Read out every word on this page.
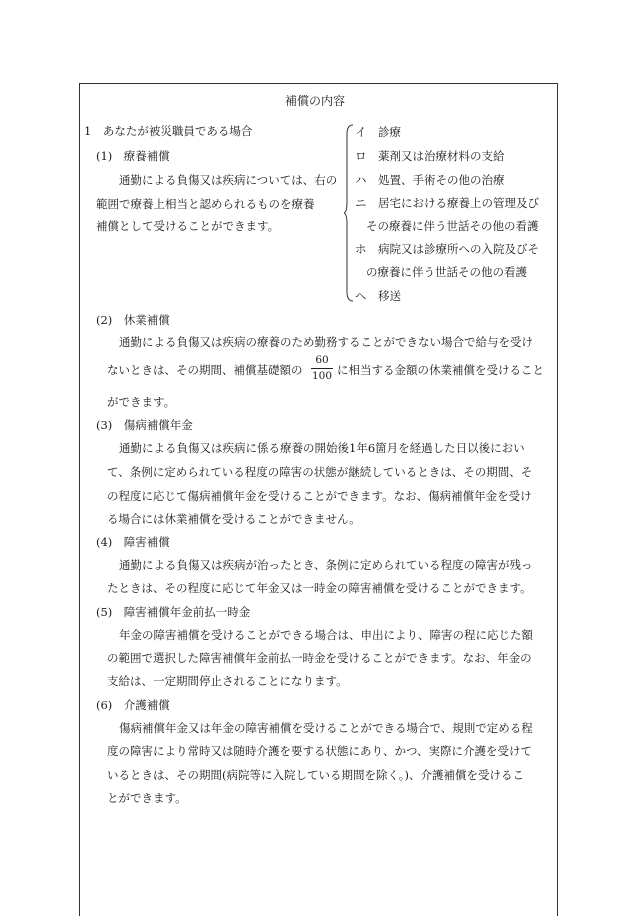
補償の内容
1　あなたが被災職員である場合
(1)　療養補償
通勤による負傷又は疾病については、右の
範囲で療養上相当と認められるものを療養
補償として受けることができます。
イ　診療
ロ　薬剤又は治療材料の支給
ハ　処置、手術その他の治療
ニ　居宅における療養上の管理及び
その療養に伴う世話その他の看護
ホ　病院又は診療所への入院及びそ
の療養に伴う世話その他の看護
ヘ　移送
(2)　休業補償
通勤による負傷又は疾病の療養のため勤務することができない場合で給与を受け
ないときは、その期間、補償基礎額の
60
100 に相当する金額の休業補償を受けること
ができます。
(3)　傷病補償年金
通勤による負傷又は疾病に係る療養の開始後1年6箇月を経過した日以後におい
て、条例に定められている程度の障害の状態が継続しているときは、その期間、そ
の程度に応じて傷病補償年金を受けることができます。なお、傷病補償年金を受け
る場合には休業補償を受けることができません。
(4)　障害補償
通勤による負傷又は疾病が治ったとき、条例に定められている程度の障害が残っ
たときは、その程度に応じて年金又は一時金の障害補償を受けることができます。
(5)　障害補償年金前払一時金
年金の障害補償を受けることができる場合は、申出により、障害の程に応じた額
の範囲で選択した障害補償年金前払一時金を受けることができます。なお、年金の
支給は、一定期間停止されることになります。
(6)　介護補償
傷病補償年金又は年金の障害補償を受けることができる場合で、規則で定める程
度の障害により常時又は随時介護を要する状態にあり、かつ、実際に介護を受けて
いるときは、その期間(病院等に入院している期間を除く。)、介護補償を受けるこ
とができます。
